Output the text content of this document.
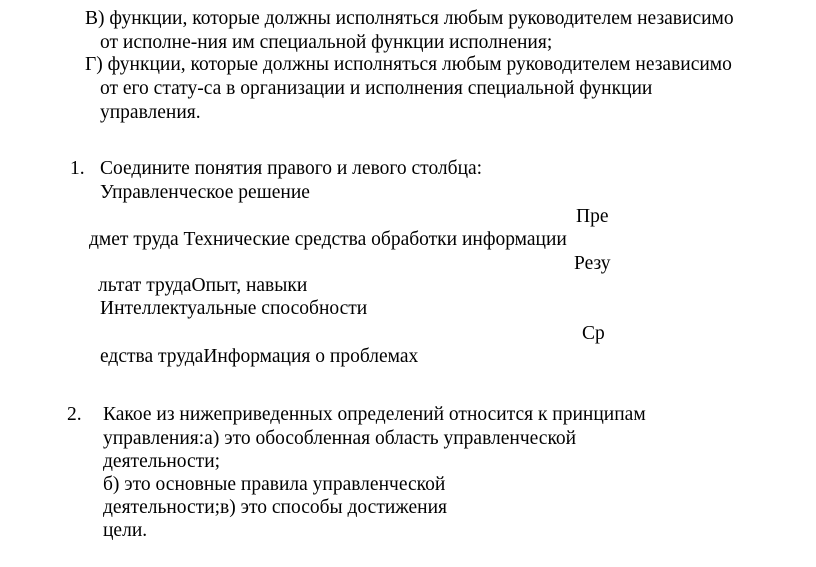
В) функции, которые должны исполняться любым руководителем независимо
от исполне-ния им специальной функции исполнения;
Г) функции, которые должны исполняться любым руководителем независимо
от его стату-са в организации и исполнения специальной функции
управления.
1. Соедините понятия правого и левого столбца:
Управленческое решение
Пре
дмет труда Технические средства обработки информации
Резу
льтат трудаОпыт, навыки
Интеллектуальные способности
Ср
едства трудаИнформация о проблемах
2. Какое из нижеприведенных определений относится к принципам
управления:а) это обособленная область управленческой
деятельности;
б) это основные правила управленческой
деятельности;в) это способы достижения
цели.
